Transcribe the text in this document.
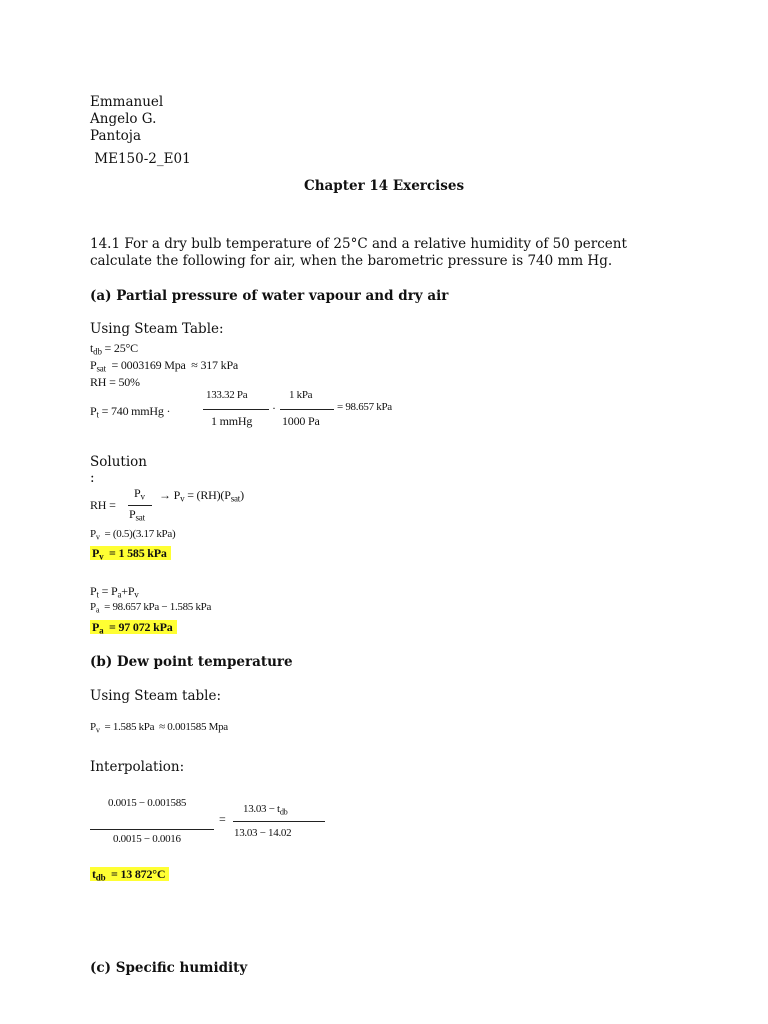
Emmanuel
Angelo G.
Pantoja
ME150-2_E01
Chapter 14 Exercises
14.1 For a dry bulb temperature of 25°C and a relative humidity of 50 percent
calculate the following for air, when the barometric pressure is 740 mm Hg.
(a) Partial pressure of water vapour and dry air
Using Steam Table:
$t_{db} = 25^\circ C$
$P_{sat} = 0003169$ Mpa  ≈ 317 kPa
RH = 50%
$P_t = 740$ mmHg ·
133.32 Pa
1 mmHg
·
1 kPa
1000 Pa
= 98.657 kPa
Solution
:
RH =
$P_v$
$P_{sat}$
→ $P_v = (RH)(P_{sat})$
$P_v = (0.5)(3.17$ kPa)
$P_v = 1$ 585 kPa
$P_t = P_a+P_v$
$P_a = 98.657$ kPa − 1.585 kPa
$P_a = 97$ 072 kPa
(b) Dew point temperature
Using Steam table:
$P_v = 1.585$ kPa  ≈ 0.001585 Mpa
Interpolation:
0.0015 − 0.001585
0.0015 − 0.0016
=
$13.03 - t_{db}$
13.03 − 14.02
$t_{db} = 13$ 872°C
(c) Specific humidity
